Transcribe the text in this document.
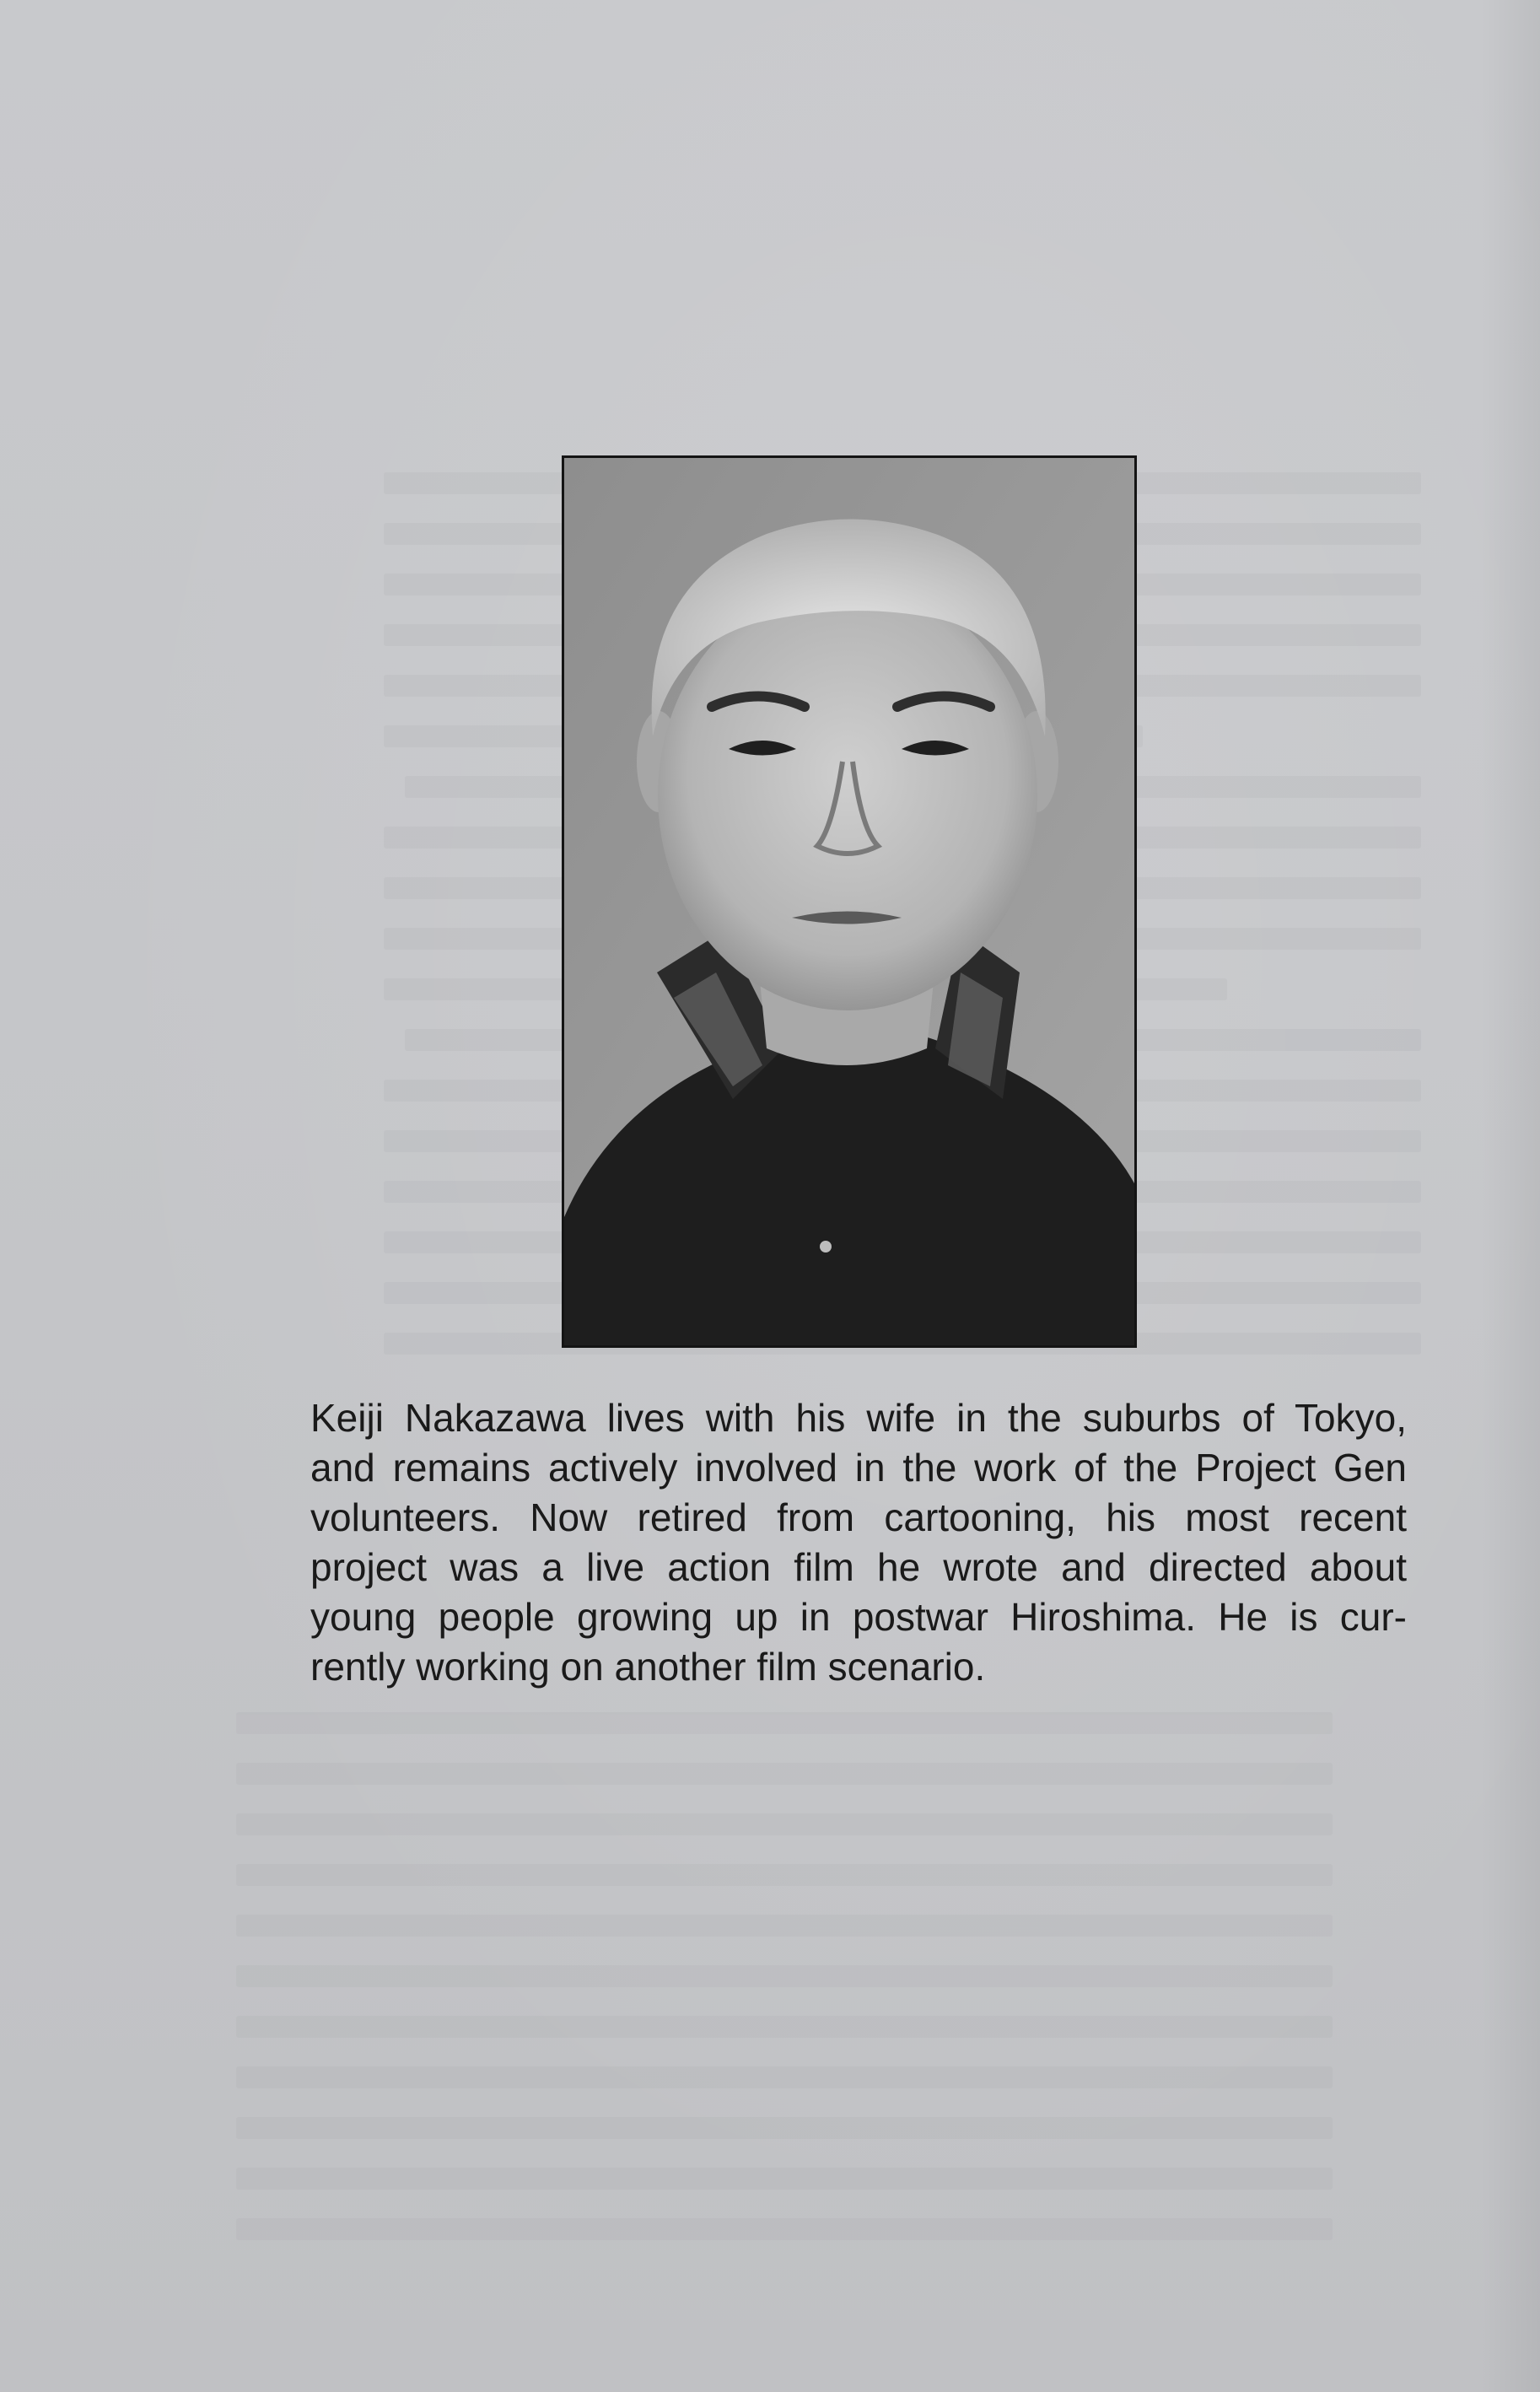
Keiji Nakazawa lives with his wife in the suburbs of Tokyo,
and remains actively involved in the work of the Project Gen
volunteers. Now retired from cartooning, his most recent
project was a live action film he wrote and directed about
young people growing up in postwar Hiroshima. He is cur-
rently working on another film scenario.
